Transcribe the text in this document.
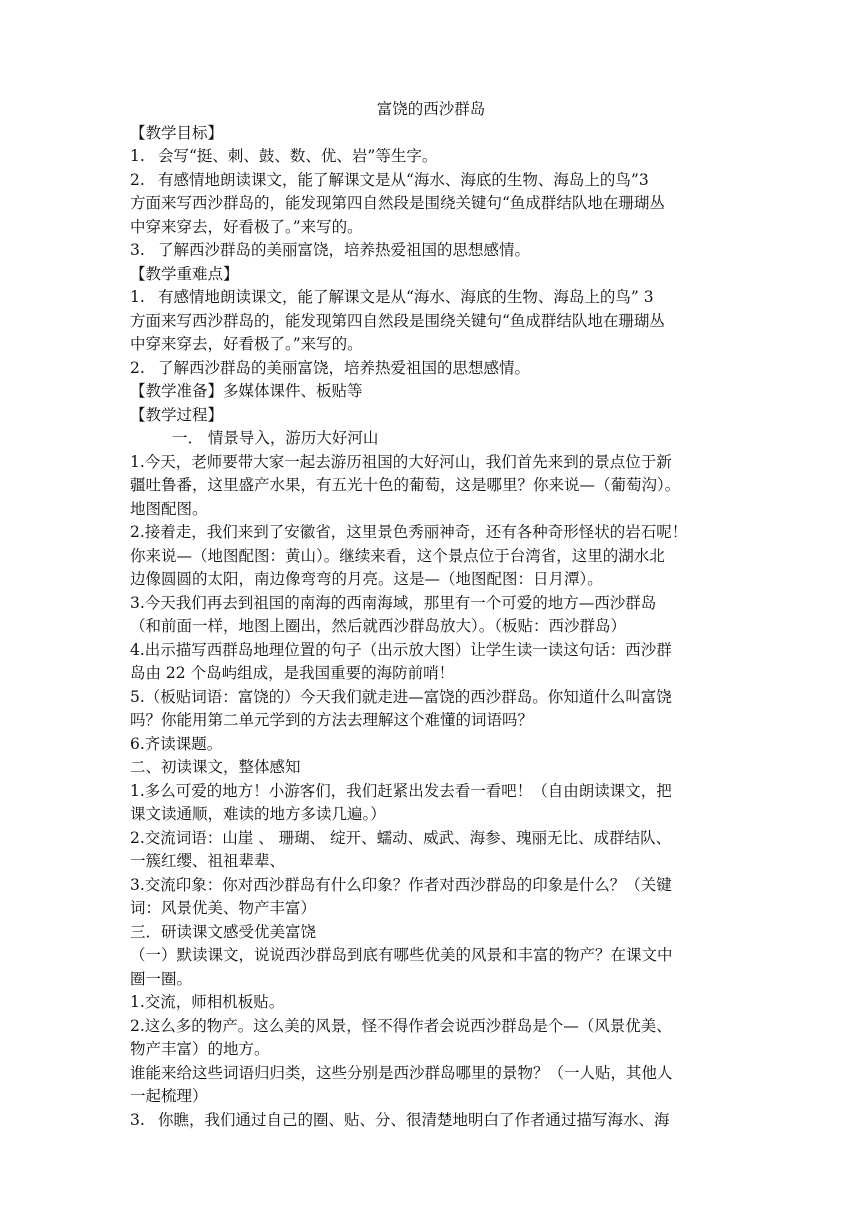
富饶的西沙群岛
【教学目标】
1. 会写“挺、刺、鼓、数、优、岩”等生字。
2. 有感情地朗读课文，能了解课文是从“海水、海底的生物、海岛上的鸟”3
方面来写西沙群岛的，能发现第四自然段是围绕关键句“鱼成群结队地在珊瑚丛
中穿来穿去，好看极了。”来写的。
3. 了解西沙群岛的美丽富饶，培养热爱祖国的思想感情。
【教学重难点】
1. 有感情地朗读课文，能了解课文是从“海水、海底的生物、海岛上的鸟” 3
方面来写西沙群岛的，能发现第四自然段是围绕关键句“鱼成群结队地在珊瑚丛
中穿来穿去，好看极了。”来写的。
2. 了解西沙群岛的美丽富饶，培养热爱祖国的思想感情。
【教学准备】多媒体课件、板贴等
【教学过程】
一． 情景导入，游历大好河山
1.今天，老师要带大家一起去游历祖国的大好河山，我们首先来到的景点位于新
疆吐鲁番，这里盛产水果，有五光十色的葡萄，这是哪里？你来说—（葡萄沟）。
地图配图。
2.接着走，我们来到了安徽省，这里景色秀丽神奇，还有各种奇形怪状的岩石呢！
你来说—（地图配图：黄山）。继续来看，这个景点位于台湾省，这里的湖水北
边像圆圆的太阳，南边像弯弯的月亮。这是—（地图配图：日月潭）。
3.今天我们再去到祖国的南海的西南海域，那里有一个可爱的地方—西沙群岛
（和前面一样，地图上圈出，然后就西沙群岛放大）。（板贴：西沙群岛）
4.出示描写西群岛地理位置的句子（出示放大图）让学生读一读这句话：西沙群
岛由 22 个岛屿组成，是我国重要的海防前哨！
5.（板贴词语：富饶的）今天我们就走进—富饶的西沙群岛。你知道什么叫富饶
吗？你能用第二单元学到的方法去理解这个难懂的词语吗？
6.齐读课题。
二、初读课文，整体感知
1.多么可爱的地方！小游客们，我们赶紧出发去看一看吧！（自由朗读课文，把
课文读通顺，难读的地方多读几遍。）
2.交流词语：山崖 、 珊瑚、 绽开、蠕动、威武、海参、瑰丽无比、成群结队、
一簇红缨、祖祖辈辈、
3.交流印象：你对西沙群岛有什么印象？作者对西沙群岛的印象是什么？（关键
词：风景优美、物产丰富）
三．研读课文感受优美富饶
（一）默读课文，说说西沙群岛到底有哪些优美的风景和丰富的物产？在课文中
圈一圈。
1.交流，师相机板贴。
2.这么多的物产。这么美的风景，怪不得作者会说西沙群岛是个—（风景优美、
物产丰富）的地方。
谁能来给这些词语归归类，这些分别是西沙群岛哪里的景物？（一人贴，其他人
一起梳理）
3. 你瞧，我们通过自己的圈、贴、分、很清楚地明白了作者通过描写海水、海
